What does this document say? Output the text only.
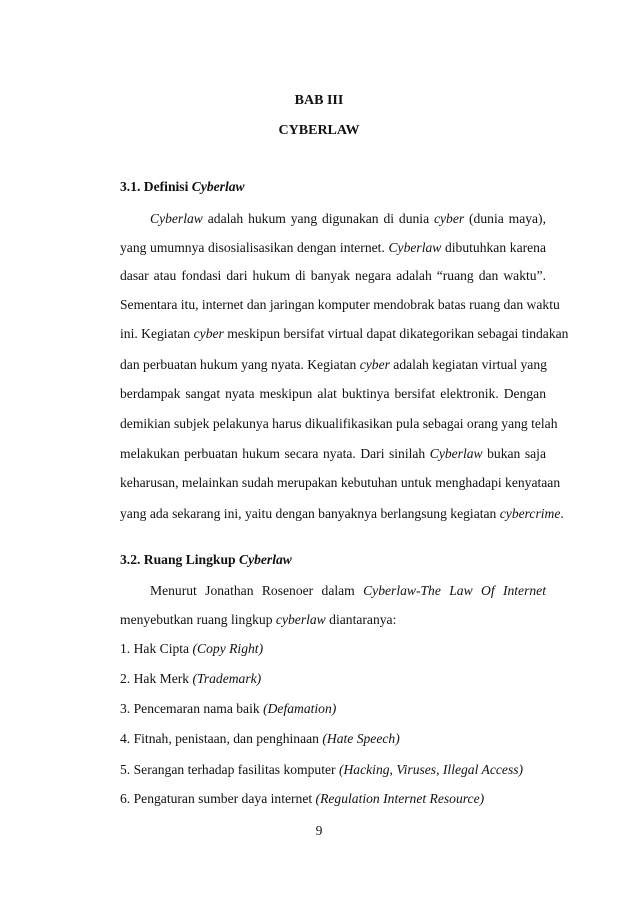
BAB III
CYBERLAW
3.1. Definisi Cyberlaw
Cyberlaw adalah hukum yang digunakan di dunia cyber (dunia maya),
yang umumnya disosialisasikan dengan internet. Cyberlaw dibutuhkan karena
dasar atau fondasi dari hukum di banyak negara adalah “ruang dan waktu”.
Sementara itu, internet dan jaringan komputer mendobrak batas ruang dan waktu
ini. Kegiatan cyber meskipun bersifat virtual dapat dikategorikan sebagai tindakan
dan perbuatan hukum yang nyata. Kegiatan cyber adalah kegiatan virtual yang
berdampak sangat nyata meskipun alat buktinya bersifat elektronik. Dengan
demikian subjek pelakunya harus dikualifikasikan pula sebagai orang yang telah
melakukan perbuatan hukum secara nyata. Dari sinilah Cyberlaw bukan saja
keharusan, melainkan sudah merupakan kebutuhan untuk menghadapi kenyataan
yang ada sekarang ini, yaitu dengan banyaknya berlangsung kegiatan cybercrime.
3.2. Ruang Lingkup Cyberlaw
Menurut Jonathan Rosenoer dalam Cyberlaw-The Law Of Internet
menyebutkan ruang lingkup cyberlaw diantaranya:
1. Hak Cipta (Copy Right)
2. Hak Merk (Trademark)
3. Pencemaran nama baik (Defamation)
4. Fitnah, penistaan, dan penghinaan (Hate Speech)
5. Serangan terhadap fasilitas komputer (Hacking, Viruses, Illegal Access)
6. Pengaturan sumber daya internet (Regulation Internet Resource)
9
